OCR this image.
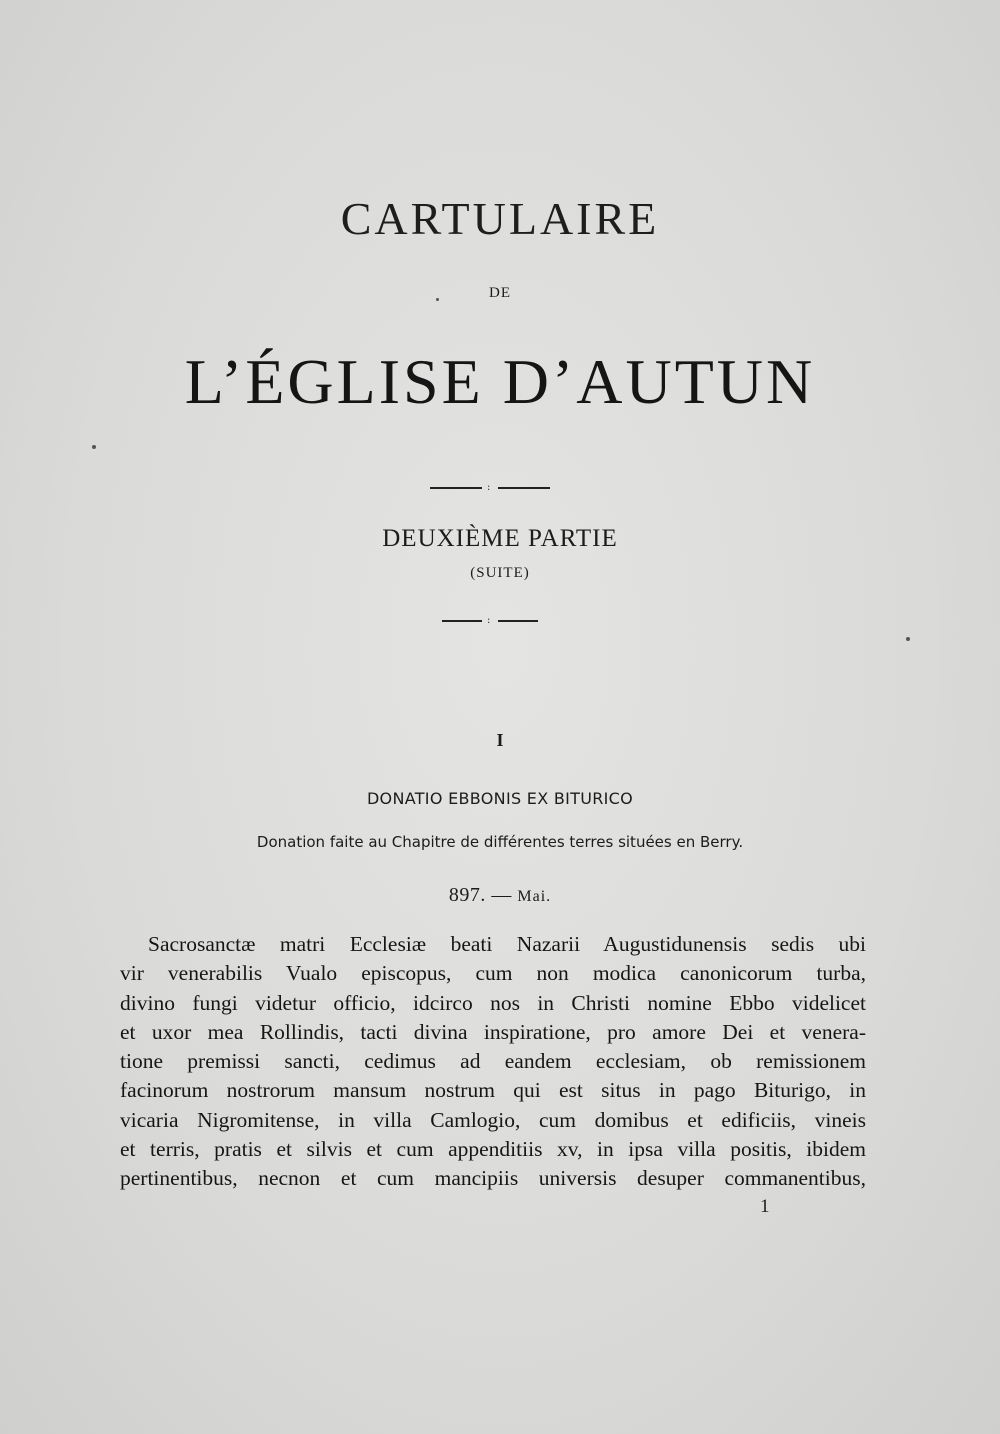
CARTULAIRE
DE
L’ÉGLISE D’AUTUN
:
DEUXIÈME PARTIE
(SUITE)
:
I
DONATIO EBBONIS EX BITURICO
Donation faite au Chapitre de différentes terres situées en Berry.
897. — Mai.
Sacrosanctæ matri Ecclesiæ beati Nazarii Augustidunensis sedis ubi
vir venerabilis Vualo episcopus, cum non modica canonicorum turba,
divino fungi videtur officio, idcirco nos in Christi nomine Ebbo videlicet
et uxor mea Rollindis, tacti divina inspiratione, pro amore Dei et venera-
tione premissi sancti, cedimus ad eandem ecclesiam, ob remissionem
facinorum nostrorum mansum nostrum qui est situs in pago Biturigo, in
vicaria Nigromitense, in villa Camlogio, cum domibus et edificiis, vineis
et terris, pratis et silvis et cum appenditiis xv, in ipsa villa positis, ibidem
pertinentibus, necnon et cum mancipiis universis desuper commanentibus,
1
